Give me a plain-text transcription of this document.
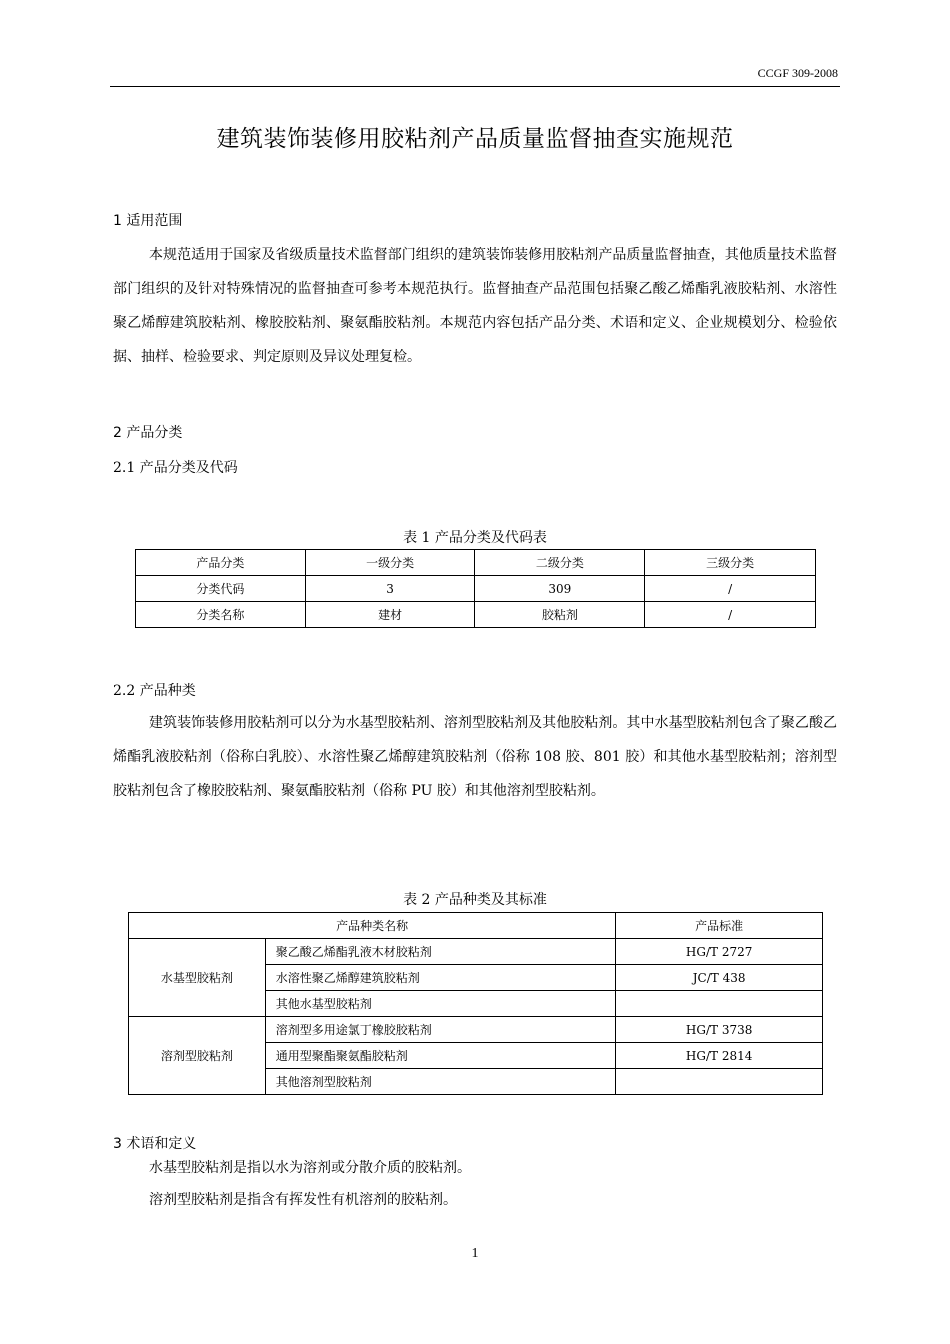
CCGF 309-2008
建筑装饰装修用胶粘剂产品质量监督抽查实施规范
1 适用范围
本规范适用于国家及省级质量技术监督部门组织的建筑装饰装修用胶粘剂产品质量监督抽查，其他质量技术监督部门组织的及针对特殊情况的监督抽查可参考本规范执行。监督抽查产品范围包括聚乙酸乙烯酯乳液胶粘剂、水溶性聚乙烯醇建筑胶粘剂、橡胶胶粘剂、聚氨酯胶粘剂。本规范内容包括产品分类、术语和定义、企业规模划分、检验依据、抽样、检验要求、判定原则及异议处理复检。
2 产品分类
2.1 产品分类及代码
表 1 产品分类及代码表
产品分类	一级分类	二级分类	三级分类
分类代码	3	309	/
分类名称	建材	胶粘剂	/
2.2 产品种类
建筑装饰装修用胶粘剂可以分为水基型胶粘剂、溶剂型胶粘剂及其他胶粘剂。其中水基型胶粘剂包含了聚乙酸乙烯酯乳液胶粘剂（俗称白乳胶）、水溶性聚乙烯醇建筑胶粘剂（俗称 108 胶、801 胶）和其他水基型胶粘剂；溶剂型胶粘剂包含了橡胶胶粘剂、聚氨酯胶粘剂（俗称 PU 胶）和其他溶剂型胶粘剂。
表 2 产品种类及其标准
产品种类名称		产品标准
水基型胶粘剂	聚乙酸乙烯酯乳液木材胶粘剂	HG/T 2727
	水溶性聚乙烯醇建筑胶粘剂	JC/T 438
	其他水基型胶粘剂	
溶剂型胶粘剂	溶剂型多用途氯丁橡胶胶粘剂	HG/T 3738
	通用型聚酯聚氨酯胶粘剂	HG/T 2814
	其他溶剂型胶粘剂	
3 术语和定义
水基型胶粘剂是指以水为溶剂或分散介质的胶粘剂。
溶剂型胶粘剂是指含有挥发性有机溶剂的胶粘剂。
1
